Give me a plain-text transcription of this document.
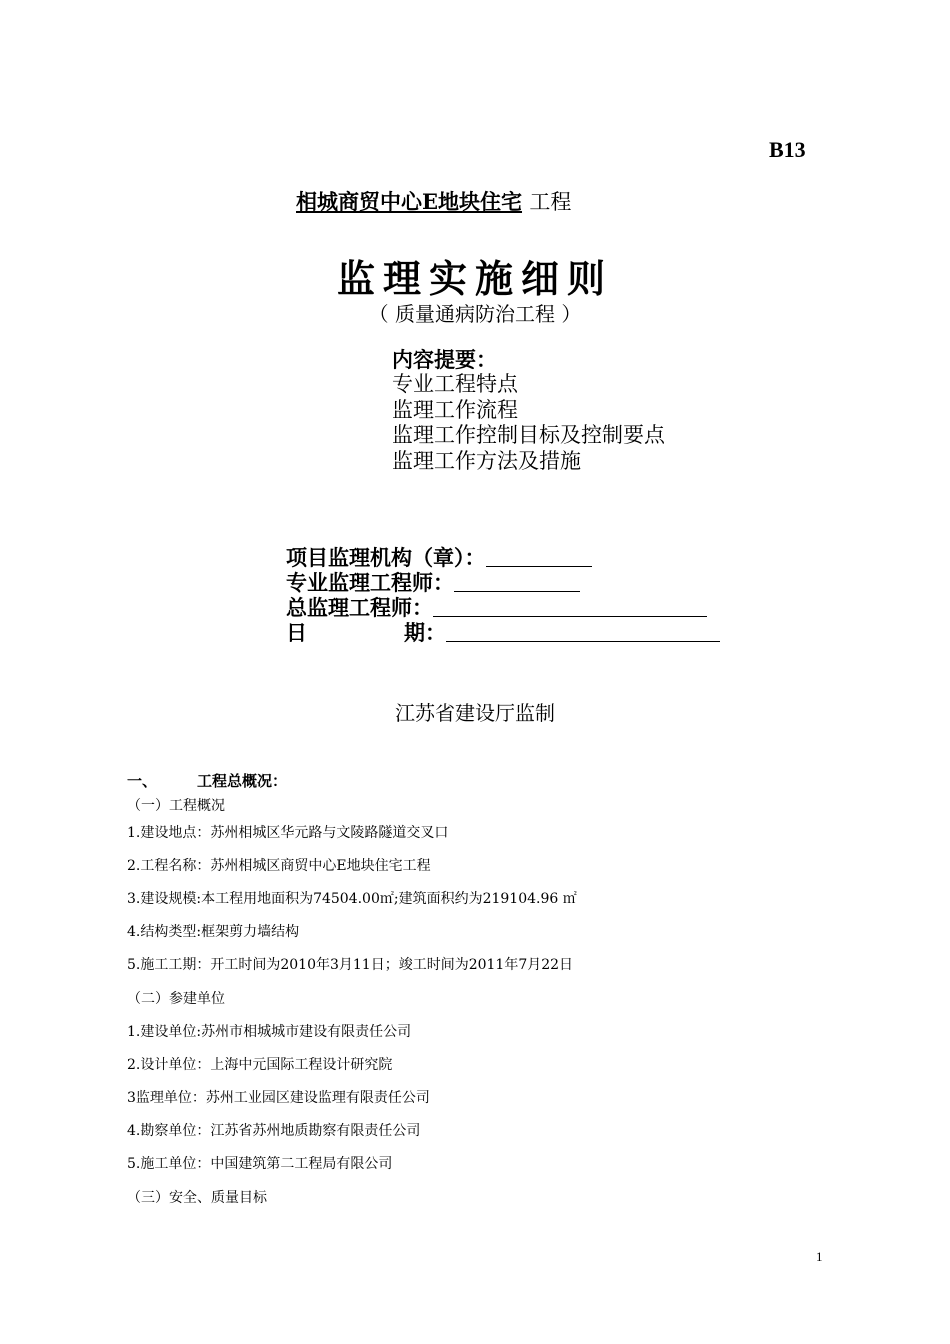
B13
相城商贸中心E地块住宅 工程
监理实施细则
（ 质量通病防治工程 ）
内容提要：
专业工程特点
监理工作流程
监理工作控制目标及控制要点
监理工作方法及措施
项目监理机构（章）：
专业监理工程师：
总监理工程师：
日	期：
江苏省建设厅监制
一、	工程总概况：
（一）工程概况
1.建设地点：苏州相城区华元路与文陵路隧道交叉口
2.工程名称：苏州相城区商贸中心E地块住宅工程
3.建设规模:本工程用地面积为74504.00㎡;建筑面积约为219104.96 ㎡
4.结构类型:框架剪力墙结构
5.施工工期：开工时间为2010年3月11日；竣工时间为2011年7月22日
（二）参建单位
1.建设单位:苏州市相城城市建设有限责任公司
2.设计单位：上海中元国际工程设计研究院
3监理单位：苏州工业园区建设监理有限责任公司
4.勘察单位：江苏省苏州地质勘察有限责任公司
5.施工单位：中国建筑第二工程局有限公司
（三）安全、质量目标
1
